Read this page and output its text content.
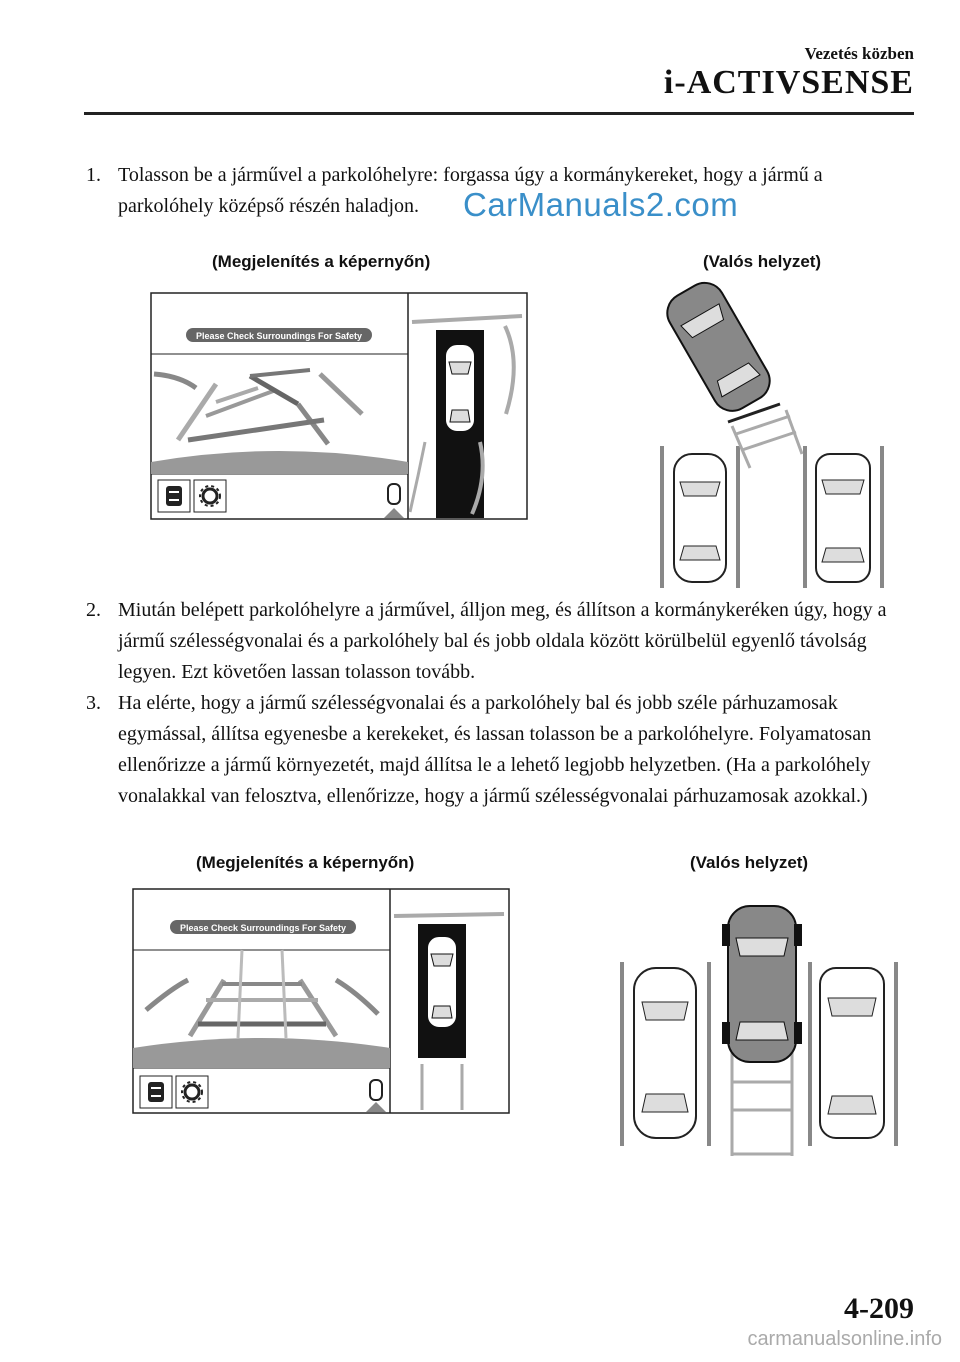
Vezetés közben
i-ACTIVSENSE
1. Tolasson be a járművel a parkolóhelyre: forgassa úgy a kormánykereket, hogy a jármű a parkolóhely középső részén haladjon.	CarManuals2.com
(Megjelenítés a képernyőn)	(Valós helyzet)
Please Check Surroundings For Safety
2. Miután belépett parkolóhelyre a járművel, álljon meg, és állítson a kormánykeréken úgy, hogy a jármű szélességvonalai és a parkolóhely bal és jobb oldala között körülbelül egyenlő távolság legyen. Ezt követően lassan tolasson tovább.
3. Ha elérte, hogy a jármű szélességvonalai és a parkolóhely bal és jobb széle párhuzamosak egymással, állítsa egyenesbe a kerekeket, és lassan tolasson be a parkolóhelyre. Folyamatosan ellenőrizze a jármű környezetét, majd állítsa le a lehető legjobb helyzetben. (Ha a parkolóhely vonalakkal van felosztva, ellenőrizze, hogy a jármű szélességvonalai párhuzamosak azokkal.)
(Megjelenítés a képernyőn)	(Valós helyzet)
Please Check Surroundings For Safety
4-209
carmanualsonline.info
